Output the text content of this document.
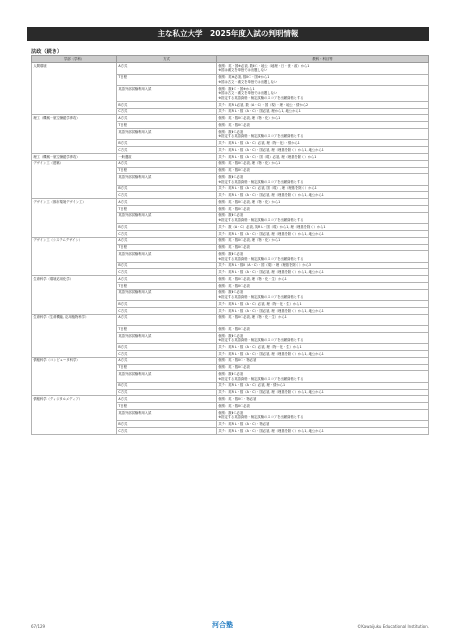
主な私立大学　2025年度入試の判明情報
法政（続き）
学部（学科）	方式	教科・科目等
人間環境	A方式	個別：英・国※必須, 数ⅡＣ・地公（地理・日・世・政）から1
※国は漢文を単独では出題しない

	T日程	個別：英※必須, 数ⅡＣ・国※から1
※国は古文・漢文を単独では出題しない

	英語外部試験利用入試	個別：数ⅡＣ・国※から1
※国は古文・漢文を単独では出題しない
※指定する英語資格・検定試験のスコアを出願資格とする

	B方式	共テ：英R L必須, 数（A・C）・国（現）・理・地公・情から2

	C方式	共テ：英R L・数（A・C）・国必須, 理から1, 地公から1

理工（機械－航空操縦学専攻）	A方式	個別：英・数ⅡＣ必須, 理（物・化）から1

	T日程	個別：英・数ⅡＣ必須

	英語外部試験利用入試	個別：数ⅡＣ必須
※指定する英語資格・検定試験のスコアを出願資格とする

	B方式	共テ：英R L・数（A・C）必須, 理（物・化）・情から1

	C方式	共テ：英R L・数（A・C）・国必須, 理（理基を除く）から1, 地公から1

理工（機械－航空操縦学専攻）	一般選抜	共テ：英R L・数（A・C）・国（現）必須, 理（理基を除く）から1

デザイン工（建築）	A方式	個別：英・数ⅡＣ必須, 理（物・化）から1

	T日程	個別：英・数ⅡＣ必須

	英語外部試験利用入試	個別：数ⅡＣ必須
※指定する英語資格・検定試験のスコアを出願資格とする

	B方式	共テ：英R L・数（A・C）必須, 国（現）, 理（理基を除く）から1

	C方式	共テ：英R L・数（A・C）・国必須, 理（理基を除く）から1, 地公から1

デザイン工（都市環境デザイン工）	A方式	個別：英・数ⅡＣ必須, 理（物・化）から1

	T日程	個別：英・数ⅡＣ必須

	英語外部試験利用入試	個別：数ⅡＣ必須
※指定する英語資格・検定試験のスコアを出願資格とする

	B方式	共テ：数（A・C）必須, 英R L・国（現）から1, 理（理基を除く）から1

	C方式	共テ：英R L・数（A・C）・国必須, 理（理基を除く）から1, 地公から1

デザイン工（システムデザイン）	A方式	個別：英・数ⅡＣ必須, 理（物・化）から1

	T日程	個別：英・数ⅡＣ必須

	英語外部試験利用入試	個別：数ⅡＣ必須
※指定する英語資格・検定試験のスコアを出願資格とする

	B方式	共テ：英R L・数Ⅱ（A・C）・国（現）・理（理基を除く）から3

	C方式	共テ：英R L・数（A・C）・国必須, 理（理基を除く）から1, 地公から1

生命科学（環境応用化学）	A方式	個別：英・数ⅡＣ必須, 理（物・化・生）から1

	T日程	個別：英・数ⅡＣ必須

	英語外部試験利用入試	個別：数ⅡＣ必須
※指定する英語資格・検定試験のスコアを出願資格とする

	B方式	共テ：英R L・数（A・C）必須, 理（物・化・生）から1

	C方式	共テ：英R L・数（A・C）・国必須, 理（理基を除く）から1, 地公から1

生命科学（生命機能, 応用植物科学）	A方式	個別：英・数ⅡＣ必須, 理（物・化・生）から1

	T日程	個別：英・数ⅡＣ必須

	英語外部試験利用入試	個別：数ⅡＣ必須
※指定する英語資格・検定試験のスコアを出願資格とする

	B方式	共テ：英R L・数（A・C）必須, 理（物・化・生）から1

	C方式	共テ：英R L・数（A・C）・国必須, 理（理基を除く）から1, 地公から1

情報科学（コンピュータ科学）	A方式	個別：英・数ⅡＣ・物必須

	T日程	個別：英・数ⅡＣ必須

	英語外部試験利用入試	個別：数ⅡＣ必須
※指定する英語資格・検定試験のスコアを出願資格とする

	B方式	共テ：英R L・数（A・C）必須, 理・情から1

	C方式	共テ：英R L・数（A・C）・国必須, 理（理基を除く）から1, 地公から1

情報科学（ディジタルメディア）	A方式	個別：英・数ⅡＣ・物必須

	T日程	個別：英・数ⅡＣ必須

	英語外部試験利用入試	個別：数ⅡＣ必須
※指定する英語資格・検定試験のスコアを出願資格とする

	B方式	共テ：英R L・数（A・C）・物必須

	C方式	共テ：英R L・数（A・C）・国必須, 理（理基を除く）から1, 地公から1
67/129	河合塾	©Kawaijuku Educational Institution.
